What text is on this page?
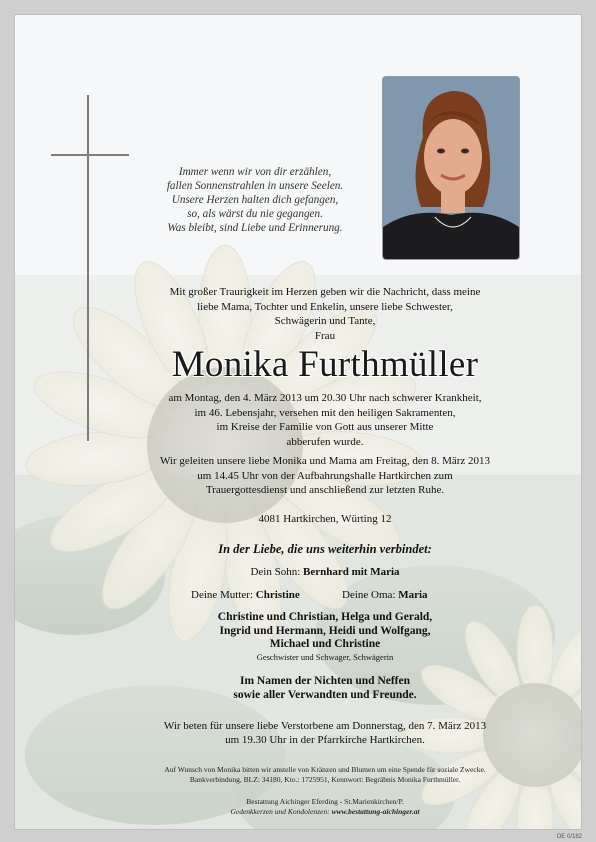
Immer wenn wir von dir erzählen,
fallen Sonnenstrahlen in unsere Seelen.
Unsere Herzen halten dich gefangen,
so, als wärst du nie gegangen.
Was bleibt, sind Liebe und Erinnerung.
Mit großer Traurigkeit im Herzen geben wir die Nachricht, dass meine
liebe Mama, Tochter und Enkelin, unsere liebe Schwester,
Schwägerin und Tante,
Frau
Monika Furthmüller
am Montag, den 4. März 2013 um 20.30 Uhr nach schwerer Krankheit,
im 46. Lebensjahr, versehen mit den heiligen Sakramenten,
im Kreise der Familie von Gott aus unserer Mitte
abberufen wurde.
Wir geleiten unsere liebe Monika und Mama am Freitag, den 8. März 2013
um 14.45 Uhr von der Aufbahrungshalle Hartkirchen zum
Trauergottesdienst und anschließend zur letzten Ruhe.
4081 Hartkirchen, Würting 12
In der Liebe, die uns weiterhin verbindet:
Dein Sohn: Bernhard mit Maria
Deine Mutter: Christine	Deine Oma: Maria
Christine und Christian, Helga und Gerald,
Ingrid und Hermann, Heidi und Wolfgang,
Michael und Christine
Geschwister und Schwager, Schwägerin
Im Namen der Nichten und Neffen
sowie aller Verwandten und Freunde.
Wir beten für unsere liebe Verstorbene am Donnerstag, den 7. März 2013
um 19.30 Uhr in der Pfarrkirche Hartkirchen.
Auf Wunsch von Monika bitten wir anstelle von Kränzen und Blumen um eine Spende für soziale Zwecke.
Bankverbindung, BLZ: 34180, Kto.: 1725951, Kennwort: Begräbnis Monika Furthmüller.
Bestattung Aichinger Eferding - St.Marienkirchen/P.
Gedenkkerzen und Kondolenzen: www.bestattung-aichinger.at
OE 0/182
